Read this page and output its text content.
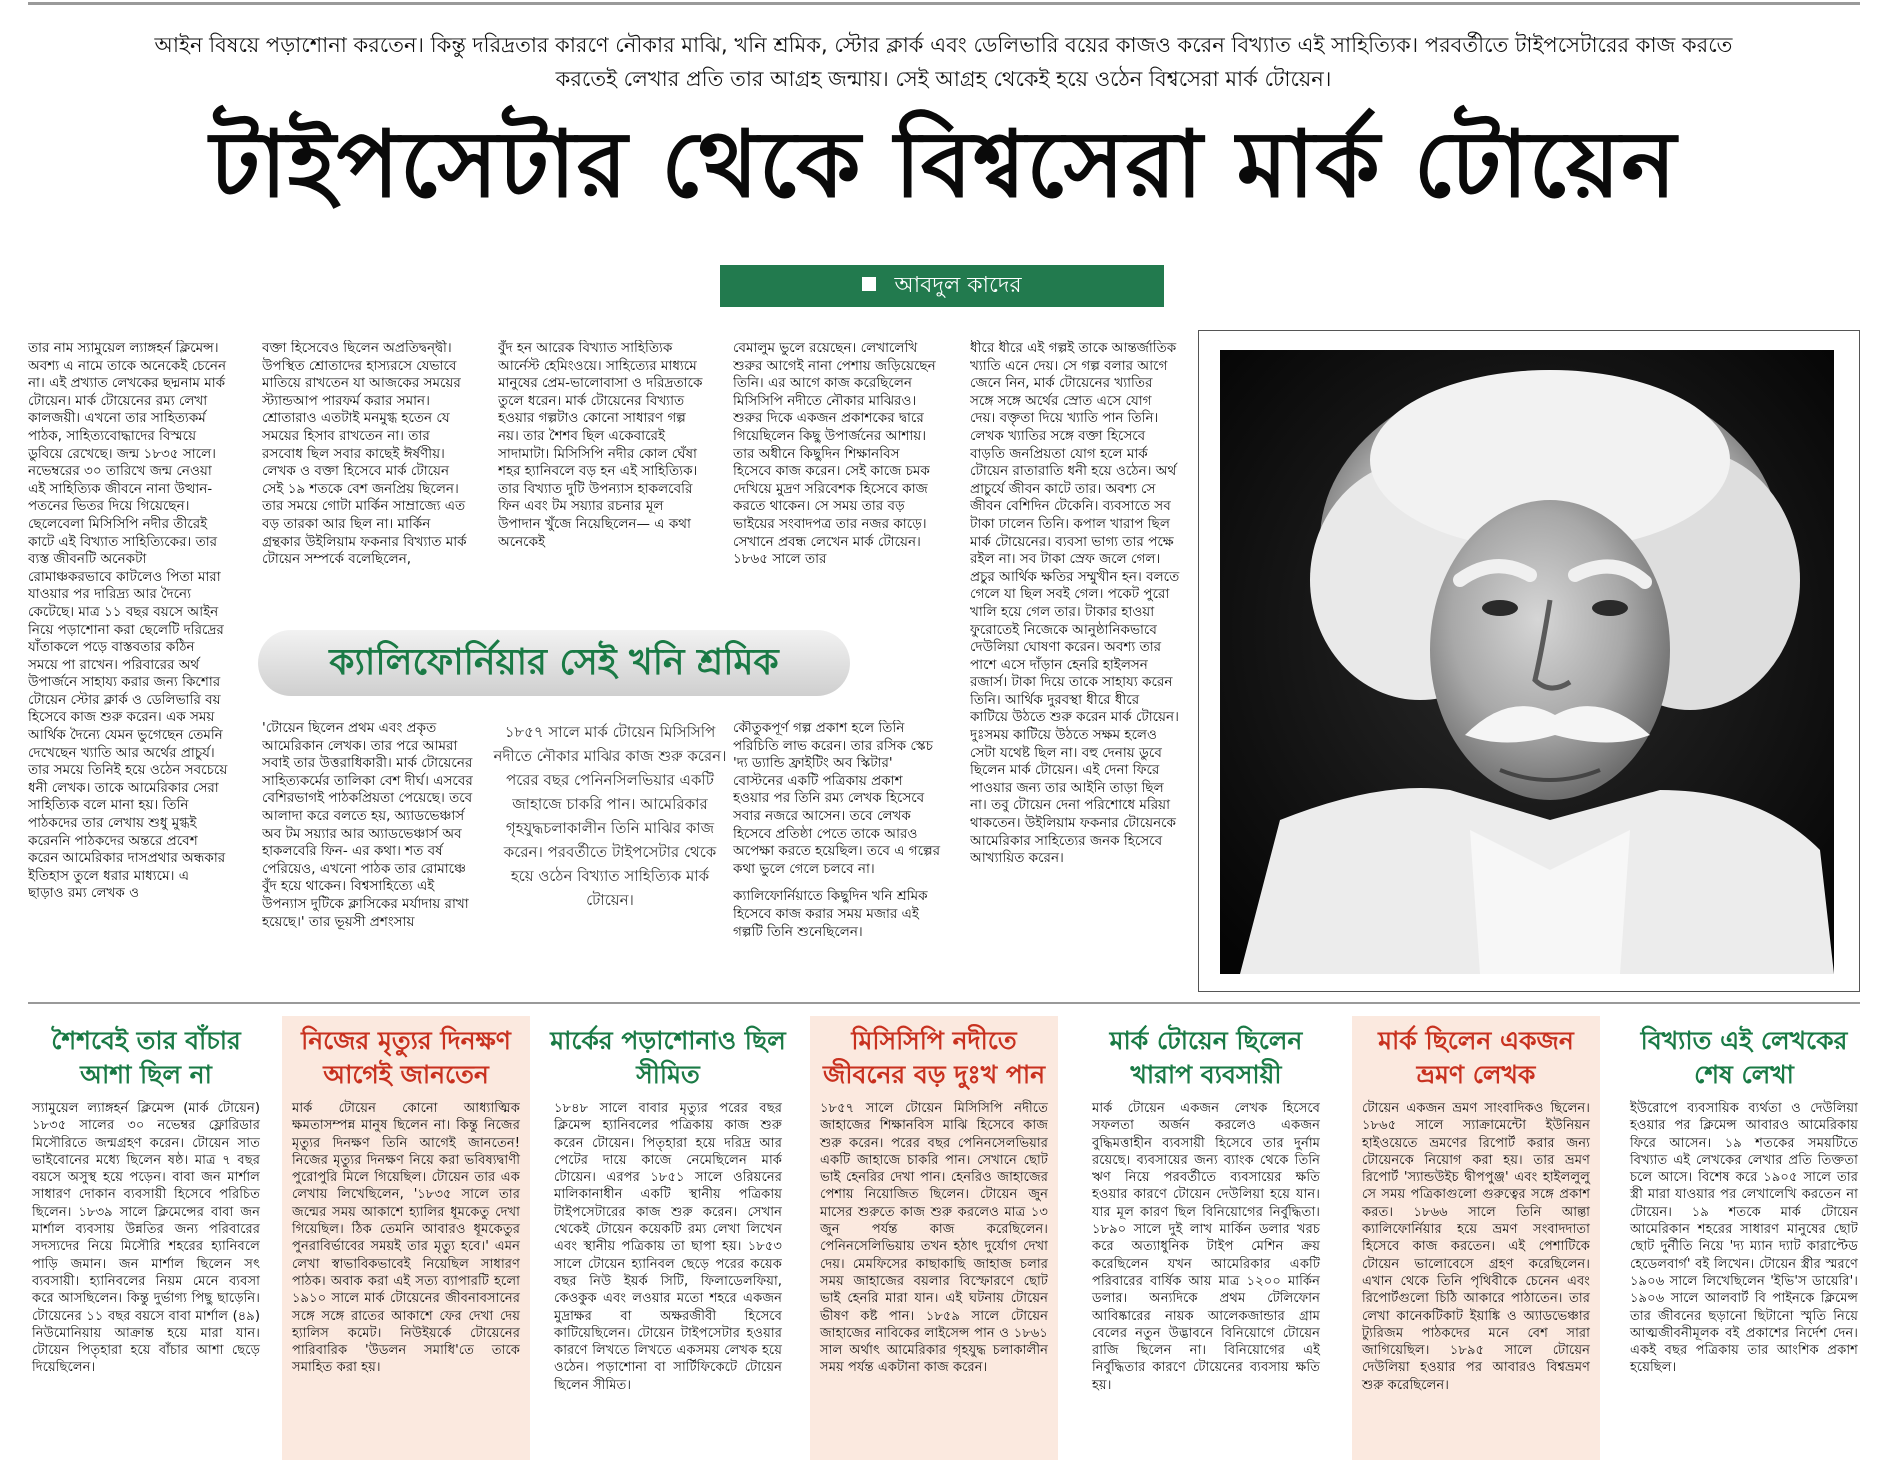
আইন বিষয়ে পড়াশোনা করতেন। কিন্তু দরিদ্রতার কারণে নৌকার মাঝি, খনি শ্রমিক, স্টোর ক্লার্ক এবং ডেলিভারি বয়ের কাজও করেন বিখ্যাত এই সাহিত্যিক। পরবর্তীতে টাইপসেটারের কাজ করতে করতেই লেখার প্রতি তার আগ্রহ জন্মায়। সেই আগ্রহ থেকেই হয়ে ওঠেন বিশ্বসেরা মার্ক টোয়েন।
টাইপসেটার থেকে বিশ্বসেরা মার্ক টোয়েন
আবদুল কাদের

তার নাম স্যামুয়েল ল্যাঙ্গহর্ন ক্লিমেন্স। অবশ্য এ নামে তাকে অনেকেই চেনেন না। এই প্রখ্যাত লেখকের ছদ্মনাম মার্ক টোয়েন। মার্ক টোয়েনের রম্য লেখা কালজয়ী। এখনো তার সাহিত্যকর্ম পাঠক, সাহিত্যবোদ্ধাদের বিস্ময়ে ডুবিয়ে রেখেছে। জন্ম ১৮৩৫ সালে। নভেম্বরের ৩০ তারিখে জন্ম নেওয়া এই সাহিত্যিক জীবনে নানা উত্থান-পতনের ভিতর দিয়ে গিয়েছেন। ছেলেবেলা মিসিসিপি নদীর তীরেই কাটে এই বিখ্যাত সাহিত্যিকের। তার ব্যস্ত জীবনটি অনেকটা রোমাঞ্চকরভাবে কাটলেও পিতা মারা যাওয়ার পর দারিদ্র্য আর দৈন্যে কেটেছে। মাত্র ১১ বছর বয়সে আইন নিয়ে পড়াশোনা করা ছেলেটি দরিদ্রের যাঁতাকলে পড়ে বাস্তবতার কঠিন সময়ে পা রাখেন। পরিবারের অর্থ উপার্জনে সাহায্য করার জন্য কিশোর টোয়েন স্টোর ক্লার্ক ও ডেলিভারি বয় হিসেবে কাজ শুরু করেন। এক সময় আর্থিক দৈন্যে যেমন ভুগেছেন তেমনি দেখেছেন খ্যাতি আর অর্থের প্রাচুর্য। তার সময়ে তিনিই হয়ে ওঠেন সবচেয়ে ধনী লেখক। তাকে আমেরিকার সেরা সাহিত্যিক বলে মানা হয়। তিনি পাঠকদের তার লেখায় শুধু মুগ্ধই করেননি পাঠকদের অন্তরে প্রবেশ করেন আমেরিকার দাসপ্রথার অন্ধকার ইতিহাস তুলে ধরার মাধ্যমে। এ ছাড়াও রম্য লেখক ও

বক্তা হিসেবেও ছিলেন অপ্রতিদ্বন্দ্বী। উপস্থিত শ্রোতাদের হাস্যরসে যেভাবে মাতিয়ে রাখতেন যা আজকের সময়ের স্ট্যান্ডআপ পারফর্ম করার সমান। শ্রোতারাও এতটাই মনমুগ্ধ হতেন যে সময়ের হিসাব রাখতেন না। তার রসবোধ ছিল সবার কাছেই ঈর্ষণীয়। লেখক ও বক্তা হিসেবে মার্ক টোয়েন সেই ১৯ শতকে বেশ জনপ্রিয় ছিলেন। তার সময়ে গোটা মার্কিন সাম্রাজ্যে এত বড় তারকা আর ছিল না। মার্কিন গ্রন্থকার উইলিয়াম ফকনার বিখ্যাত মার্ক টোয়েন সম্পর্কে বলেছিলেন,

বুঁদ হন আরেক বিখ্যাত সাহিত্যিক আর্নেস্ট হেমিংওয়ে। সাহিত্যের মাধ্যমে মানুষের প্রেম-ভালোবাসা ও দরিদ্রতাকে তুলে ধরেন। মার্ক টোয়েনের বিখ্যাত হওয়ার গল্পটাও কোনো সাধারণ গল্প নয়। তার শৈশব ছিল একেবারেই সাদামাটা। মিসিসিপি নদীর কোল ঘেঁষা শহর হ্যানিবলে বড় হন এই সাহিত্যিক। তার বিখ্যাত দুটি উপন্যাস হাকলবেরি ফিন এবং টম সয়্যার রচনার মূল উপাদান খুঁজে নিয়েছিলেন— এ কথা অনেকেই

বেমালুম ভুলে রয়েছেন। লেখালেখি শুরুর আগেই নানা পেশায় জড়িয়েছেন তিনি। এর আগে কাজ করেছিলেন মিসিসিপি নদীতে নৌকার মাঝিরও। শুরুর দিকে একজন প্রকাশকের দ্বারে গিয়েছিলেন কিছু উপার্জনের আশায়। তার অধীনে কিছুদিন শিক্ষানবিস হিসেবে কাজ করেন। সেই কাজে চমক দেখিয়ে মুদ্রণ সরিবেশক হিসেবে কাজ করতে থাকেন। সে সময় তার বড় ভাইয়ের সংবাদপত্র তার নজর কাড়ে। সেখানে প্রবন্ধ লেখেন মার্ক টোয়েন। ১৮৬৫ সালে তার

ধীরে ধীরে এই গল্পই তাকে আন্তর্জাতিক খ্যাতি এনে দেয়। সে গল্প বলার আগে জেনে নিন, মার্ক টোয়েনের খ্যাতির সঙ্গে সঙ্গে অর্থের স্রোত এসে যোগ দেয়। বক্তৃতা দিয়ে খ্যাতি পান তিনি। লেখক খ্যাতির সঙ্গে বক্তা হিসেবে বাড়তি জনপ্রিয়তা যোগ হলে মার্ক টোয়েন রাতারাতি ধনী হয়ে ওঠেন। অর্থ প্রাচুর্যে জীবন কাটে তার। অবশ্য সে জীবন বেশিদিন টেকেনি। ব্যবসাতে সব টাকা ঢালেন তিনি। কপাল খারাপ ছিল মার্ক টোয়েনের। ব্যবসা ভাগ্য তার পক্ষে রইল না। সব টাকা স্রেফ জলে গেল। প্রচুর আর্থিক ক্ষতির সম্মুখীন হন। বলতে গেলে যা ছিল সবই গেল। পকেট পুরো খালি হয়ে গেল তার। টাকার হাওয়া ফুরোতেই নিজেকে আনুষ্ঠানিকভাবে দেউলিয়া ঘোষণা করেন। অবশ্য তার পাশে এসে দাঁড়ান হেনরি হাইলসন রজার্স। টাকা দিয়ে তাকে সাহায্য করেন তিনি। আর্থিক দুরবস্থা ধীরে ধীরে কাটিয়ে উঠতে শুরু করেন মার্ক টোয়েন। দুঃসময় কাটিয়ে উঠতে সক্ষম হলেও সেটা যথেষ্ট ছিল না। বহু দেনায় ডুবে ছিলেন মার্ক টোয়েন। এই দেনা ফিরে পাওয়ার জন্য তার আইনি তাড়া ছিল না। তবু টোয়েন দেনা পরিশোধে মরিয়া থাকতেন। উইলিয়াম ফকনার টোয়েনকে আমেরিকার সাহিত্যের জনক হিসেবে আখ্যায়িত করেন।

ক্যালিফোর্নিয়ার সেই খনি শ্রমিক

'টোয়েন ছিলেন প্রথম এবং প্রকৃত আমেরিকান লেখক। তার পরে আমরা সবাই তার উত্তরাধিকারী। মার্ক টোয়েনের সাহিত্যকর্মের তালিকা বেশ দীর্ঘ। এসবের বেশিরভাগই পাঠকপ্রিয়তা পেয়েছে। তবে আলাদা করে বলতে হয়, অ্যাডভেঞ্চার্স অব টম সয়্যার আর অ্যাডভেঞ্চার্স অব হাকলবেরি ফিন- এর কথা। শত বর্ষ পেরিয়েও, এখনো পাঠক তার রোমাঞ্চে বুঁদ হয়ে থাকেন। বিশ্বসাহিত্যে এই উপন্যাস দুটিকে ক্লাসিকের মর্যাদায় রাখা হয়েছে।' তার ভূয়সী প্রশংসায়

১৮৫৭ সালে মার্ক টোয়েন মিসিসিপি নদীতে নৌকার মাঝির কাজ শুরু করেন। পরের বছর পেনিনসিলভিয়ার একটি জাহাজে চাকরি পান। আমেরিকার গৃহযুদ্ধচলাকালীন তিনি মাঝির কাজ করেন। পরবর্তীতে টাইপসেটার থেকে হয়ে ওঠেন বিখ্যাত সাহিত্যিক মার্ক টোয়েন।

কৌতুকপূর্ণ গল্প প্রকাশ হলে তিনি পরিচিতি লাভ করেন। তার রসিক স্কেচ 'দ্য ড্যান্ডি ফ্রাইটিং অব স্কিটার' বোস্টনের একটি পত্রিকায় প্রকাশ হওয়ার পর তিনি রম্য লেখক হিসেবে সবার নজরে আসেন। তবে লেখক হিসেবে প্রতিষ্ঠা পেতে তাকে আরও অপেক্ষা করতে হয়েছিল। তবে এ গল্পের কথা ভুলে গেলে চলবে না।

ক্যালিফোর্নিয়াতে কিছুদিন খনি শ্রমিক হিসেবে কাজ করার সময় মজার এই গল্পটি তিনি শুনেছিলেন।

শৈশবেই তার বাঁচার আশা ছিল না
স্যামুয়েল ল্যাঙ্গহর্ন ক্লিমেন্স (মার্ক টোয়েন) ১৮৩৫ সালের ৩০ নভেম্বর ফ্লোরিডার মিসৌরিতে জন্মগ্রহণ করেন। টোয়েন সাত ভাইবোনের মধ্যে ছিলেন ষষ্ঠ। মাত্র ৭ বছর বয়সে অসুস্থ হয়ে পড়েন। বাবা জন মার্শাল সাধারণ দোকান ব্যবসায়ী হিসেবে পরিচিত ছিলেন। ১৮৩৯ সালে ক্লিমেন্সের বাবা জন মার্শাল ব্যবসায় উন্নতির জন্য পরিবারের সদস্যদের নিয়ে মিসৌরি শহরের হ্যানিবলে পাড়ি জমান। জন মার্শাল ছিলেন সৎ ব্যবসায়ী। হ্যানিবলের নিয়ম মেনে ব্যবসা করে আসছিলেন। কিন্তু দুর্ভাগ্য পিছু ছাড়েনি। টোয়েনের ১১ বছর বয়সে বাবা মার্শাল (৪৯) নিউমোনিয়ায় আক্রান্ত হয়ে মারা যান। টোয়েন পিতৃহারা হয়ে বাঁচার আশা ছেড়ে দিয়েছিলেন।
নিজের মৃত্যুর দিনক্ষণ আগেই জানতেন
মার্ক টোয়েন কোনো আধ্যাত্মিক ক্ষমতাসম্পন্ন মানুষ ছিলেন না। কিন্তু নিজের মৃত্যুর দিনক্ষণ তিনি আগেই জানতেন! নিজের মৃত্যুর দিনক্ষণ নিয়ে করা ভবিষ্যদ্বাণী পুরোপুরি মিলে গিয়েছিল। টোয়েন তার এক লেখায় লিখেছিলেন, '১৮৩৫ সালে তার জন্মের সময় আকাশে হ্যালির ধূমকেতু দেখা গিয়েছিল। ঠিক তেমনি আবারও ধূমকেতুর পুনরাবির্ভাবের সময়ই তার মৃত্যু হবে।' এমন লেখা স্বাভাবিকভাবেই নিয়েছিল সাধারণ পাঠক। অবাক করা এই সত্য ব্যাপারটি হলো ১৯১০ সালে মার্ক টোয়েনের জীবনাবসানের সঙ্গে সঙ্গে রাতের আকাশে ফের দেখা দেয় হ্যালিস কমেট। নিউইয়র্কে টোয়েনের পারিবারিক 'উডলন সমাধি'তে তাকে সমাহিত করা হয়।
মার্কের পড়াশোনাও ছিল সীমিত
১৮৪৮ সালে বাবার মৃত্যুর পরের বছর ক্লিমেন্স হ্যানিবলের পত্রিকায় কাজ শুরু করেন টোয়েন। পিতৃহারা হয়ে দরিদ্র আর পেটের দায়ে কাজে নেমেছিলেন মার্ক টোয়েন। এরপর ১৮৫১ সালে ওরিয়নের মালিকানাধীন একটি স্থানীয় পত্রিকায় টাইপসেটারের কাজ শুরু করেন। সেখান থেকেই টোয়েন কয়েকটি রম্য লেখা লিখেন এবং স্থানীয় পত্রিকায় তা ছাপা হয়। ১৮৫৩ সালে টোয়েন হ্যানিবল ছেড়ে পরের কয়েক বছর নিউ ইয়র্ক সিটি, ফিলাডেলফিয়া, কেওকুক এবং লওয়ার মতো শহরে একজন মুদ্রাক্ষর বা অক্ষরজীবী হিসেবে কাটিয়েছিলেন। টোয়েন টাইপসেটার হওয়ার কারণে লিখতে লিখতে একসময় লেখক হয়ে ওঠেন। পড়াশোনা বা সার্টিফিকেটে টোয়েন ছিলেন সীমিত।
মিসিসিপি নদীতে জীবনের বড় দুঃখ পান
১৮৫৭ সালে টোয়েন মিসিসিপি নদীতে জাহাজের শিক্ষানবিস মাঝি হিসেবে কাজ শুরু করেন। পরের বছর পেনিনসেলভিয়ার একটি জাহাজে চাকরি পান। সেখানে ছোট ভাই হেনরির দেখা পান। হেনরিও জাহাজের পেশায় নিয়োজিত ছিলেন। টোয়েন জুন মাসের শুরুতে কাজ শুরু করলেও মাত্র ১৩ জুন পর্যন্ত কাজ করেছিলেন। পেনিনসেলিভিয়ায় তখন হঠাৎ দুর্যোগ দেখা দেয়। মেমফিসের কাছাকাছি জাহাজ চলার সময় জাহাজের বয়লার বিস্ফোরণে ছোট ভাই হেনরি মারা যান। এই ঘটনায় টোয়েন ভীষণ কষ্ট পান। ১৮৫৯ সালে টোয়েন জাহাজের নাবিকের লাইসেন্স পান ও ১৮৬১ সাল অর্থাৎ আমেরিকার গৃহযুদ্ধ চলাকালীন সময় পর্যন্ত একটানা কাজ করেন।
মার্ক টোয়েন ছিলেন খারাপ ব্যবসায়ী
মার্ক টোয়েন একজন লেখক হিসেবে সফলতা অর্জন করলেও একজন বুদ্ধিমত্তাহীন ব্যবসায়ী হিসেবে তার দুর্নাম রয়েছে। ব্যবসায়ের জন্য ব্যাংক থেকে তিনি ঋণ নিয়ে পরবর্তীতে ব্যবসায়ের ক্ষতি হওয়ার কারণে টোয়েন দেউলিয়া হয়ে যান। যার মূল কারণ ছিল বিনিয়োগের নির্বুদ্ধিতা। ১৮৯০ সালে দুই লাখ মার্কিন ডলার খরচ করে অত্যাধুনিক টাইপ মেশিন ক্রয় করেছিলেন যখন আমেরিকার একটি পরিবারের বার্ষিক আয় মাত্র ১২০০ মার্কিন ডলার। অন্যদিকে প্রথম টেলিফোন আবিষ্কারের নায়ক আলেকজান্ডার গ্রাম বেলের নতুন উদ্ভাবনে বিনিয়োগে টোয়েন রাজি ছিলেন না। বিনিয়োগের এই নির্বুদ্ধিতার কারণে টোয়েনের ব্যবসায় ক্ষতি হয়।
মার্ক ছিলেন একজন ভ্রমণ লেখক
টোয়েন একজন ভ্রমণ সাংবাদিকও ছিলেন। ১৮৬৫ সালে স্যাক্রামেন্টো ইউনিয়ন হাইওয়েতে ভ্রমণের রিপোর্ট করার জন্য টোয়েনকে নিয়োগ করা হয়। তার ভ্রমণ রিপোর্ট 'স্যান্ডউইচ দ্বীপপুঞ্জ' এবং হাইললুলু সে সময় পত্রিকাগুলো গুরুত্বের সঙ্গে প্রকাশ করত। ১৮৬৬ সালে তিনি আল্তা ক্যালিফোর্নিয়ার হয়ে ভ্রমণ সংবাদদাতা হিসেবে কাজ করতেন। এই পেশাটিকে টোয়েন ভালোবেসে গ্রহণ করেছিলেন। এখান থেকে তিনি পৃথিবীকে চেনেন এবং রিপোর্টগুলো চিঠি আকারে পাঠাতেন। তার লেখা কানেকটিকাট ইয়াঙ্কি ও অ্যাডভেঞ্চার ট্যুরিজম পাঠকদের মনে বেশ সারা জাগিয়েছিল। ১৮৯৫ সালে টোয়েন দেউলিয়া হওয়ার পর আবারও বিশ্বভ্রমণ শুরু করেছিলেন।
বিখ্যাত এই লেখকের শেষ লেখা
ইউরোপে ব্যবসায়িক ব্যর্থতা ও দেউলিয়া হওয়ার পর ক্লিমেন্স আবারও আমেরিকায় ফিরে আসেন। ১৯ শতকের সময়টিতে বিখ্যাত এই লেখকের লেখার প্রতি তিক্ততা চলে আসে। বিশেষ করে ১৯০৫ সালে তার স্ত্রী মারা যাওয়ার পর লেখালেখি করতেন না টোয়েন। ১৯ শতকে মার্ক টোয়েন আমেরিকান শহরের সাধারণ মানুষের ছোট ছোট দুর্নীতি নিয়ে 'দ্য ম্যান দ্যাট কারাপ্টেড হেডেলবার্গ' বই লিখেন। টোয়েন স্ত্রীর স্মরণে ১৯০৬ সালে লিখেছিলেন 'ইভি'স ডায়েরি'। ১৯০৬ সালে আলবার্ট বি পাইনকে ক্লিমেন্স তার জীবনের ছড়ানো ছিটানো স্মৃতি নিয়ে আত্মজীবনীমূলক বই প্রকাশের নির্দেশ দেন। একই বছর পত্রিকায় তার আংশিক প্রকাশ হয়েছিল।
